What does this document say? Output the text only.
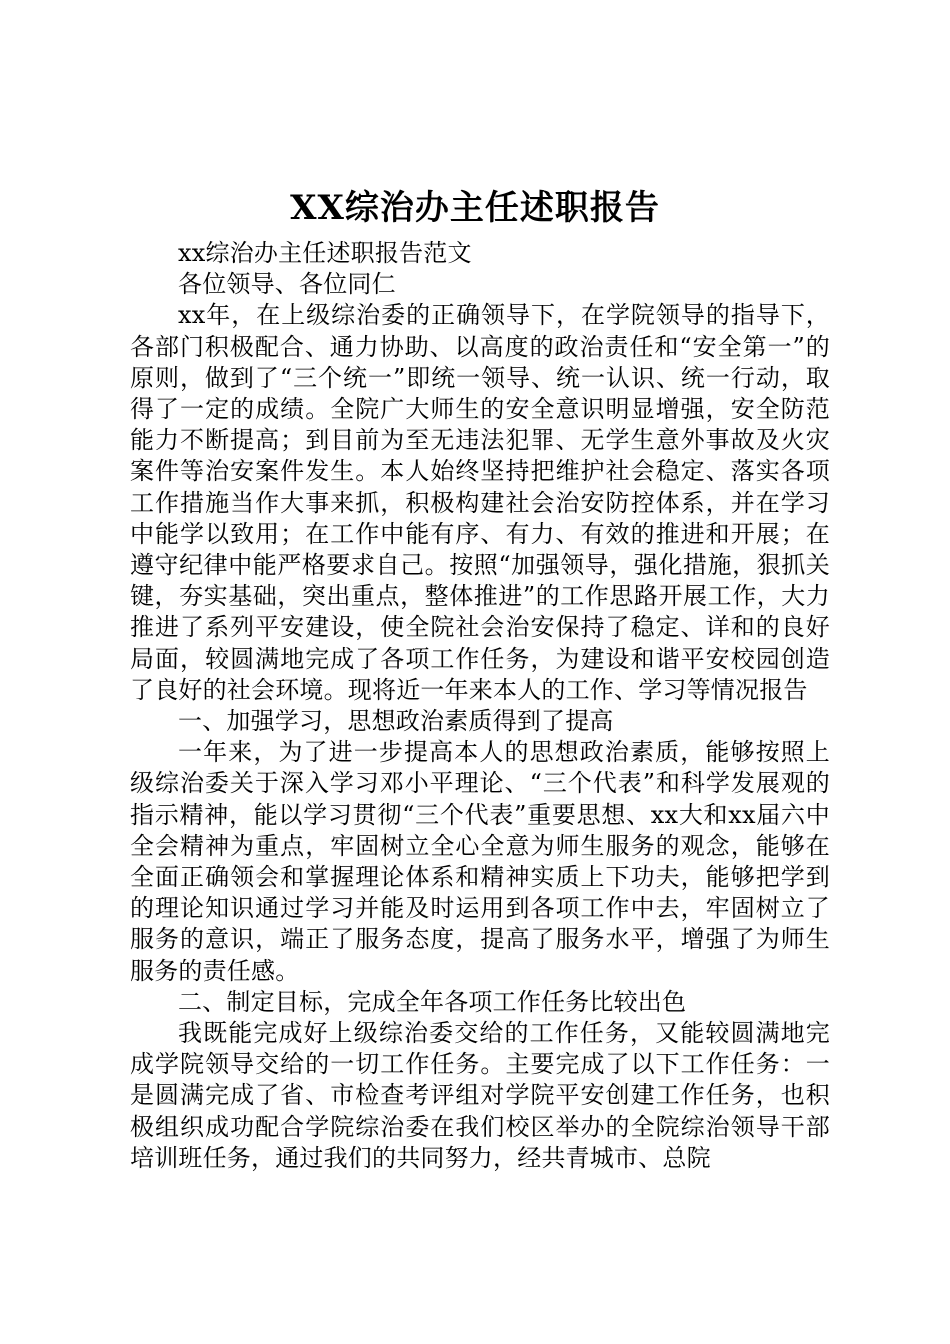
XX综治办主任述职报告

xx综治办主任述职报告范文

各位领导、各位同仁

xx年，在上级综治委的正确领导下，在学院领导的指导下，各部门积极配合、通力协助、以高度的政治责任和“安全第一”的原则，做到了“三个统一”即统一领导、统一认识、统一行动，取得了一定的成绩。全院广大师生的安全意识明显增强，安全防范能力不断提高；到目前为至无违法犯罪、无学生意外事故及火灾案件等治安案件发生。本人始终坚持把维护社会稳定、落实各项工作措施当作大事来抓，积极构建社会治安防控体系，并在学习中能学以致用；在工作中能有序、有力、有效的推进和开展；在遵守纪律中能严格要求自己。按照“加强领导，强化措施，狠抓关键，夯实基础，突出重点，整体推进”的工作思路开展工作，大力推进了系列平安建设，使全院社会治安保持了稳定、详和的良好局面，较圆满地完成了各项工作任务，为建设和谐平安校园创造了良好的社会环境。现将近一年来本人的工作、学习等情况报告

一、加强学习，思想政治素质得到了提高

一年来，为了进一步提高本人的思想政治素质，能够按照上级综治委关于深入学习邓小平理论、“三个代表”和科学发展观的指示精神，能以学习贯彻“三个代表”重要思想、xx大和xx届六中全会精神为重点，牢固树立全心全意为师生服务的观念，能够在全面正确领会和掌握理论体系和精神实质上下功夫，能够把学到的理论知识通过学习并能及时运用到各项工作中去，牢固树立了服务的意识，端正了服务态度，提高了服务水平，增强了为师生服务的责任感。

二、制定目标，完成全年各项工作任务比较出色

我既能完成好上级综治委交给的工作任务，又能较圆满地完成学院领导交给的一切工作任务。主要完成了以下工作任务：一是圆满完成了省、市检查考评组对学院平安创建工作任务，也积极组织成功配合学院综治委在我们校区举办的全院综治领导干部培训班任务，通过我们的共同努力，经共青城市、总院
